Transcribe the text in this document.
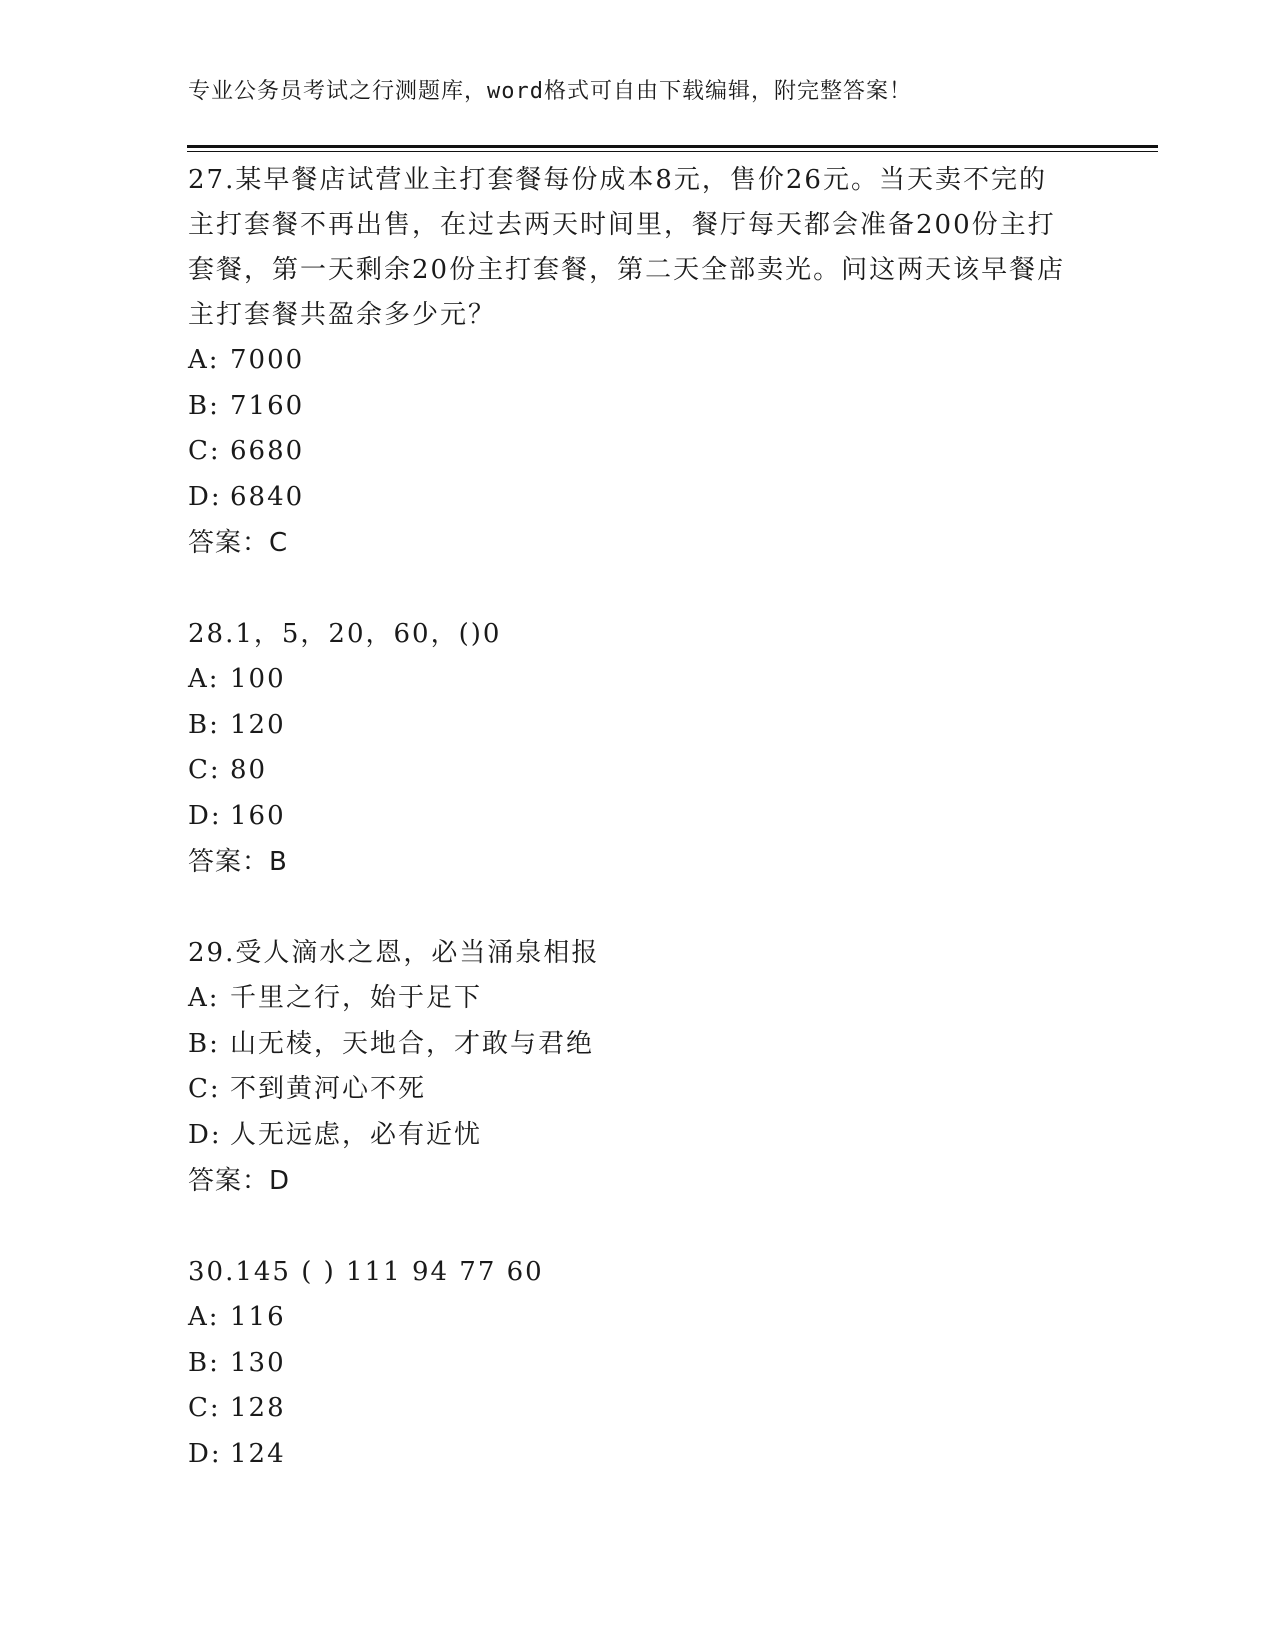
专业公务员考试之行测题库，word格式可自由下载编辑，附完整答案！

27.某早餐店试营业主打套餐每份成本8元，售价26元。当天卖不完的主打套餐不再出售，在过去两天时间里，餐厅每天都会准备200份主打套餐，第一天剩余20份主打套餐，第二天全部卖光。问这两天该早餐店主打套餐共盈余多少元？

A: 7000
B: 7160
C: 6680
D: 6840
答案：C

28.1，5，20，60，()0

A: 100
B: 120
C: 80
D: 160
答案：B

29.受人滴水之恩，必当涌泉相报

A: 千里之行，始于足下
B: 山无棱，天地合，才敢与君绝
C: 不到黄河心不死
D: 人无远虑，必有近忧
答案：D

30.145 ( ) 111 94 77 60

A: 116
B: 130
C: 128
D: 124
